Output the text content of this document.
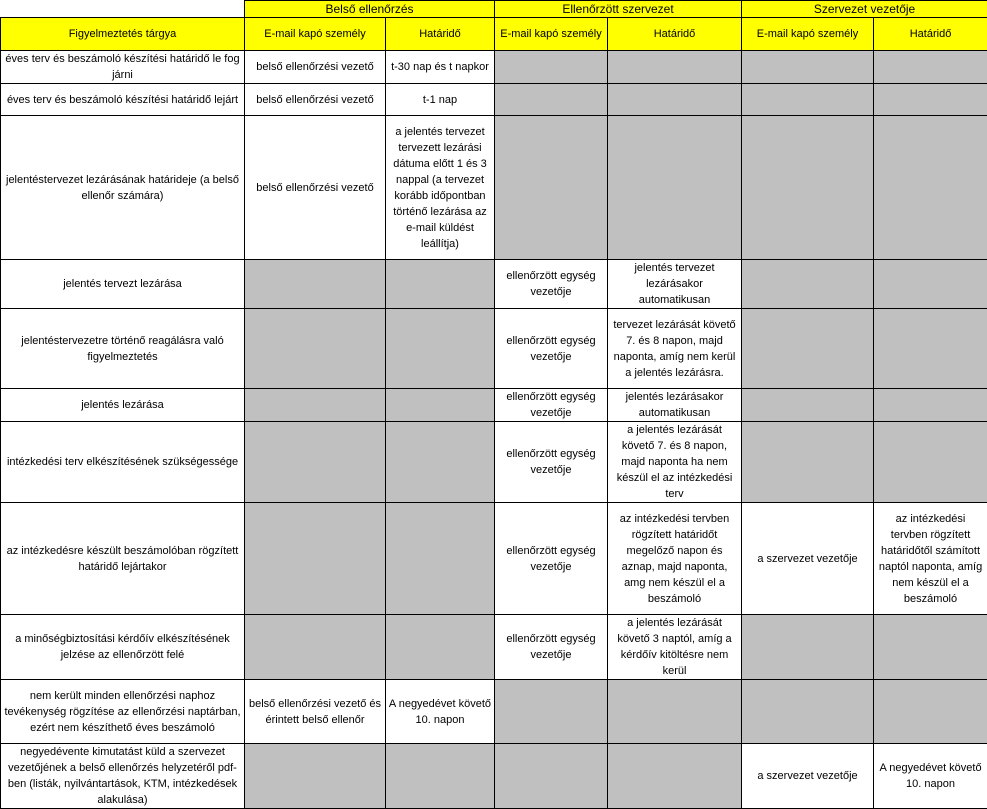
	Belső ellenőrzés		Ellenőrzött szervezet		Szervezet vezetője	
Figyelmeztetés tárgya	E-mail kapó személy	Határidő	E-mail kapó személy	Határidő	E-mail kapó személy	Határidő
éves terv és beszámoló készítési határidő le fog járni	belső ellenőrzési vezető	t-30 nap és t napkor				
éves terv és beszámoló készítési határidő lejárt	belső ellenőrzési vezető	t-1 nap				
jelentéstervezet lezárásának határideje (a belső ellenőr számára)	belső ellenőrzési vezető	a jelentés tervezet tervezett lezárási dátuma előtt 1 és 3 nappal (a tervezet korább időpontban történő lezárása az e-mail küldést leállítja)				
jelentés tervezt lezárása			ellenőrzött egység vezetője	jelentés tervezet lezárásakor automatikusan		
jelentéstervezetre történő reagálásra való figyelmeztetés			ellenőrzött egység vezetője	tervezet lezárását követő 7. és 8 napon, majd naponta, amíg nem kerül a jelentés lezárásra.		
jelentés lezárása			ellenőrzött egység vezetője	jelentés lezárásakor automatikusan		
intézkedési terv elkészítésének szükségessége			ellenőrzött egység vezetője	a jelentés lezárását követő 7. és 8 napon, majd naponta ha nem készül el az intézkedési terv		
az intézkedésre készült beszámolóban rögzített határidő lejártakor			ellenőrzött egység vezetője	az intézkedési tervben rögzített határidőt megelőző napon és aznap, majd naponta, amg nem készül el a beszámoló	a szervezet vezetője	az intézkedési tervben rögzített határidőtől számított naptól naponta, amíg nem készül el a beszámoló
a minőségbiztosítási kérdőív elkészítésének jelzése az ellenőrzött felé			ellenőrzött egység vezetője	a jelentés lezárását követő 3 naptól, amíg a kérdőív kitöltésre nem kerül		
nem került minden ellenőrzési naphoz tevékenység rögzítése az ellenőrzési naptárban, ezért nem készíthető éves beszámoló	belső ellenőrzési vezető és érintett belső ellenőr	A negyedévet követő 10. napon				
negyedévente kimutatást küld a szervezet vezetőjének a belső ellenőrzés helyzetéről pdf-ben (listák, nyilvántartások, KTM, intézkedések alakulása)					a szervezet vezetője	A negyedévet követő 10. napon
